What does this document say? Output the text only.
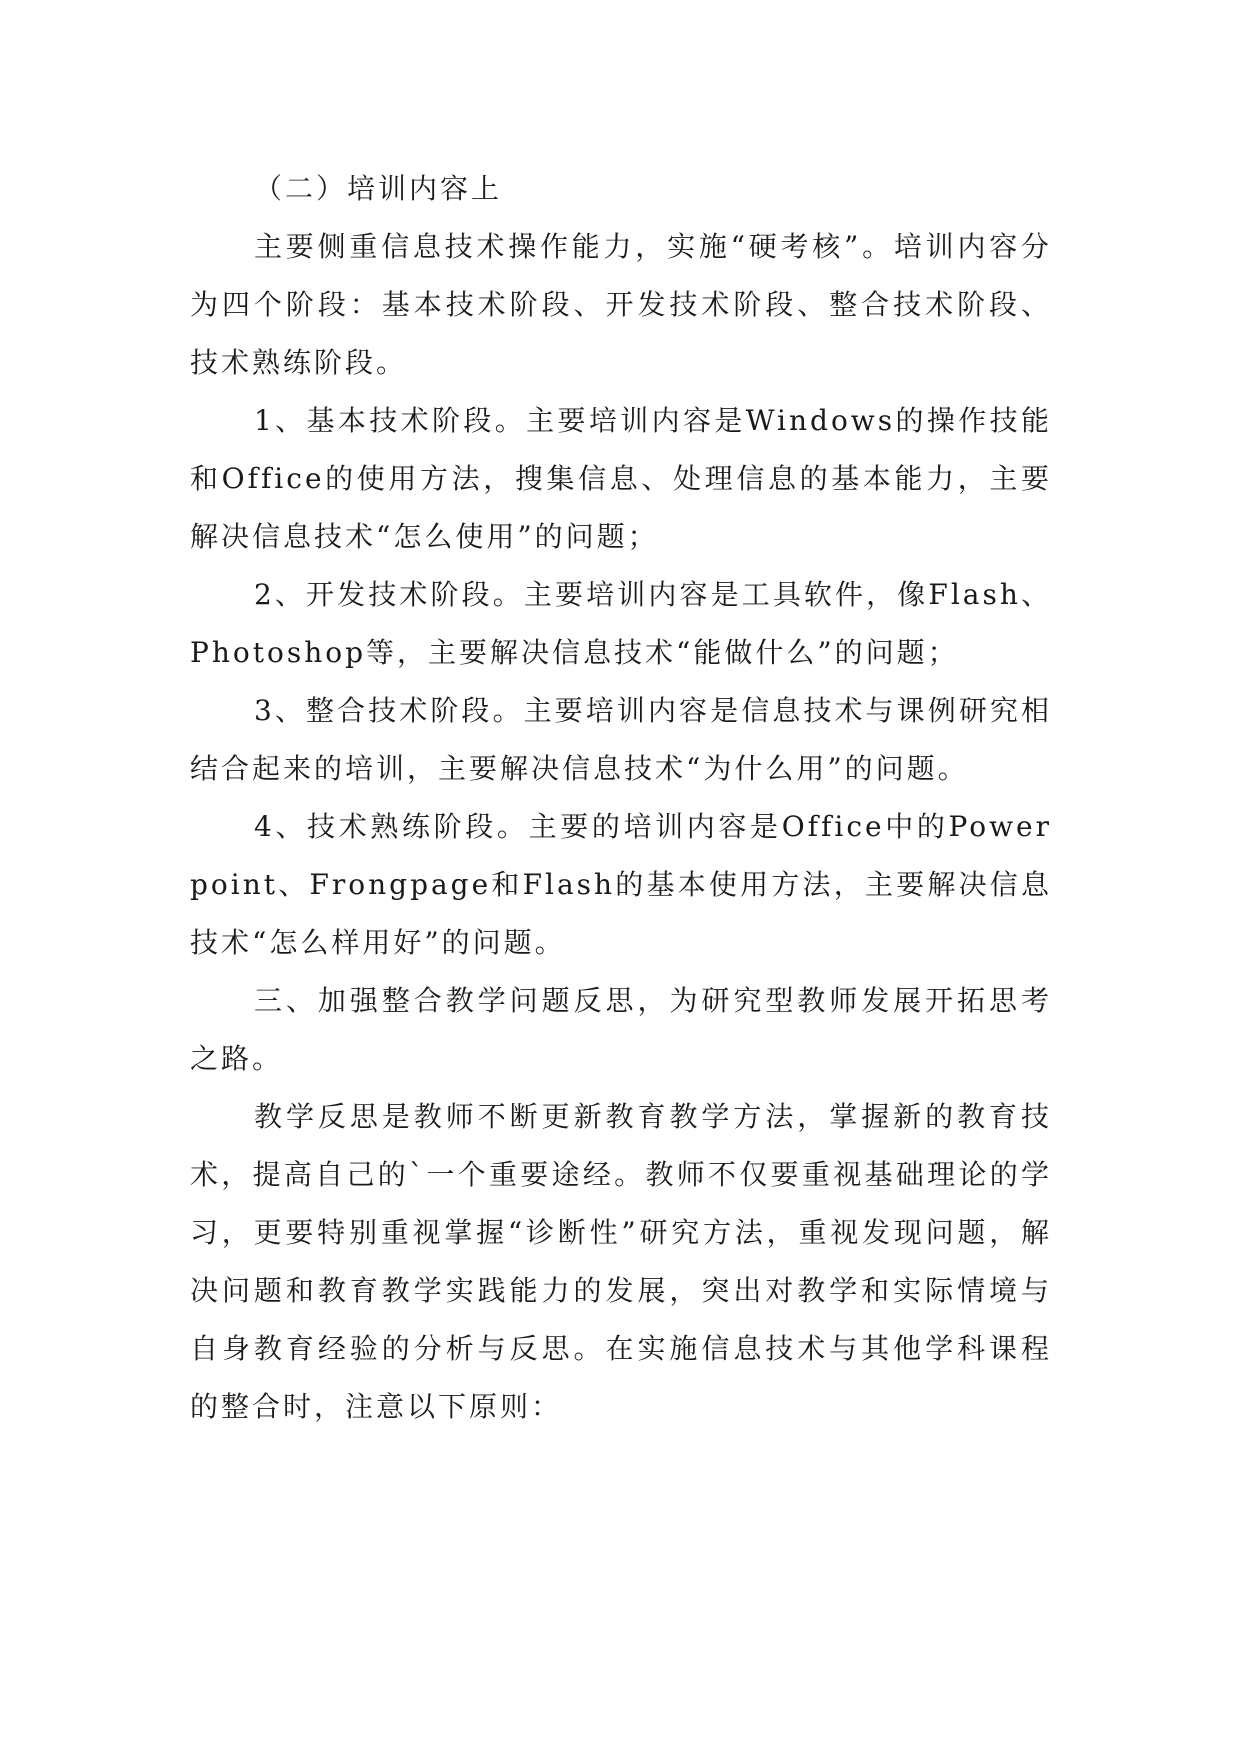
（二）培训内容上

主要侧重信息技术操作能力，实施“硬考核”。培训内容分为四个阶段：基本技术阶段、开发技术阶段、整合技术阶段、技术熟练阶段。

1、基本技术阶段。主要培训内容是Windows的操作技能和Office的使用方法，搜集信息、处理信息的基本能力，主要解决信息技术“怎么使用”的问题；

2、开发技术阶段。主要培训内容是工具软件，像Flash、Photoshop等，主要解决信息技术“能做什么”的问题；

3、整合技术阶段。主要培训内容是信息技术与课例研究相结合起来的培训，主要解决信息技术“为什么用”的问题。

4、技术熟练阶段。主要的培训内容是Office中的Powerpoint、Frongpage和Flash的基本使用方法，主要解决信息技术“怎么样用好”的问题。

三、加强整合教学问题反思，为研究型教师发展开拓思考之路。

教学反思是教师不断更新教育教学方法，掌握新的教育技术，提高自己的`一个重要途经。教师不仅要重视基础理论的学习，更要特别重视掌握“诊断性”研究方法，重视发现问题，解决问题和教育教学实践能力的发展，突出对教学和实际情境与自身教育经验的分析与反思。在实施信息技术与其他学科课程的整合时，注意以下原则：
